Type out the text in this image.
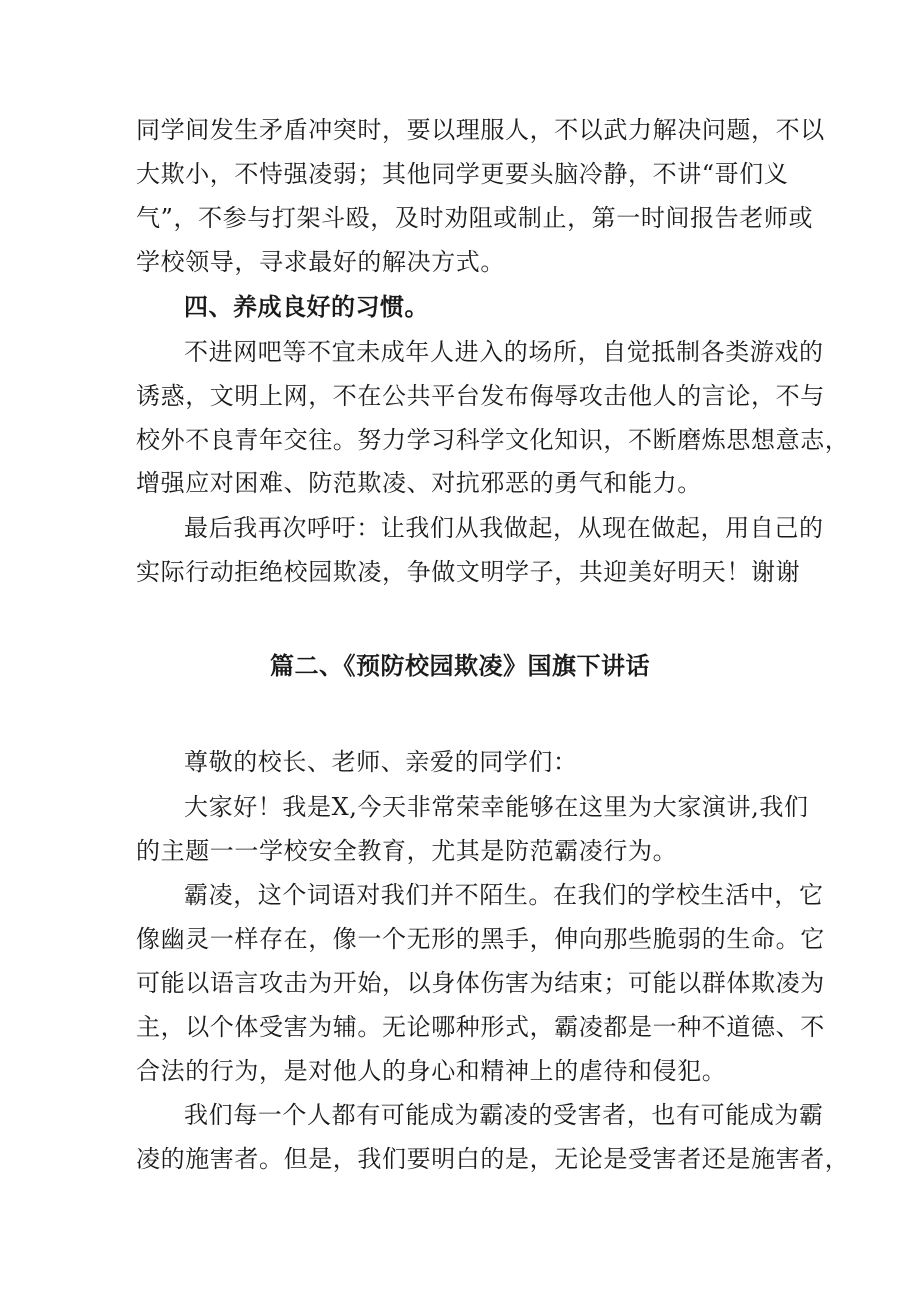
同学间发生矛盾冲突时，要以理服人，不以武力解决问题，不以
大欺小，不恃强凌弱；其他同学更要头脑冷静，不讲“哥们义
气”，不参与打架斗殴，及时劝阻或制止，第一时间报告老师或
学校领导，寻求最好的解决方式。
四、养成良好的习惯。
不进网吧等不宜未成年人进入的场所，自觉抵制各类游戏的
诱惑，文明上网，不在公共平台发布侮辱攻击他人的言论，不与
校外不良青年交往。努力学习科学文化知识，不断磨炼思想意志，
增强应对困难、防范欺凌、对抗邪恶的勇气和能力。
最后我再次呼吁：让我们从我做起，从现在做起，用自己的
实际行动拒绝校园欺凌，争做文明学子，共迎美好明天！谢谢
篇二、《预防校园欺凌》国旗下讲话
尊敬的校长、老师、亲爱的同学们：
大家好！我是X,今天非常荣幸能够在这里为大家演讲,我们
的主题一一学校安全教育，尤其是防范霸凌行为。
霸凌，这个词语对我们并不陌生。在我们的学校生活中，它
像幽灵一样存在，像一个无形的黑手，伸向那些脆弱的生命。它
可能以语言攻击为开始，以身体伤害为结束；可能以群体欺凌为
主，以个体受害为辅。无论哪种形式，霸凌都是一种不道德、不
合法的行为，是对他人的身心和精神上的虐待和侵犯。
我们每一个人都有可能成为霸凌的受害者，也有可能成为霸
凌的施害者。但是，我们要明白的是，无论是受害者还是施害者，
